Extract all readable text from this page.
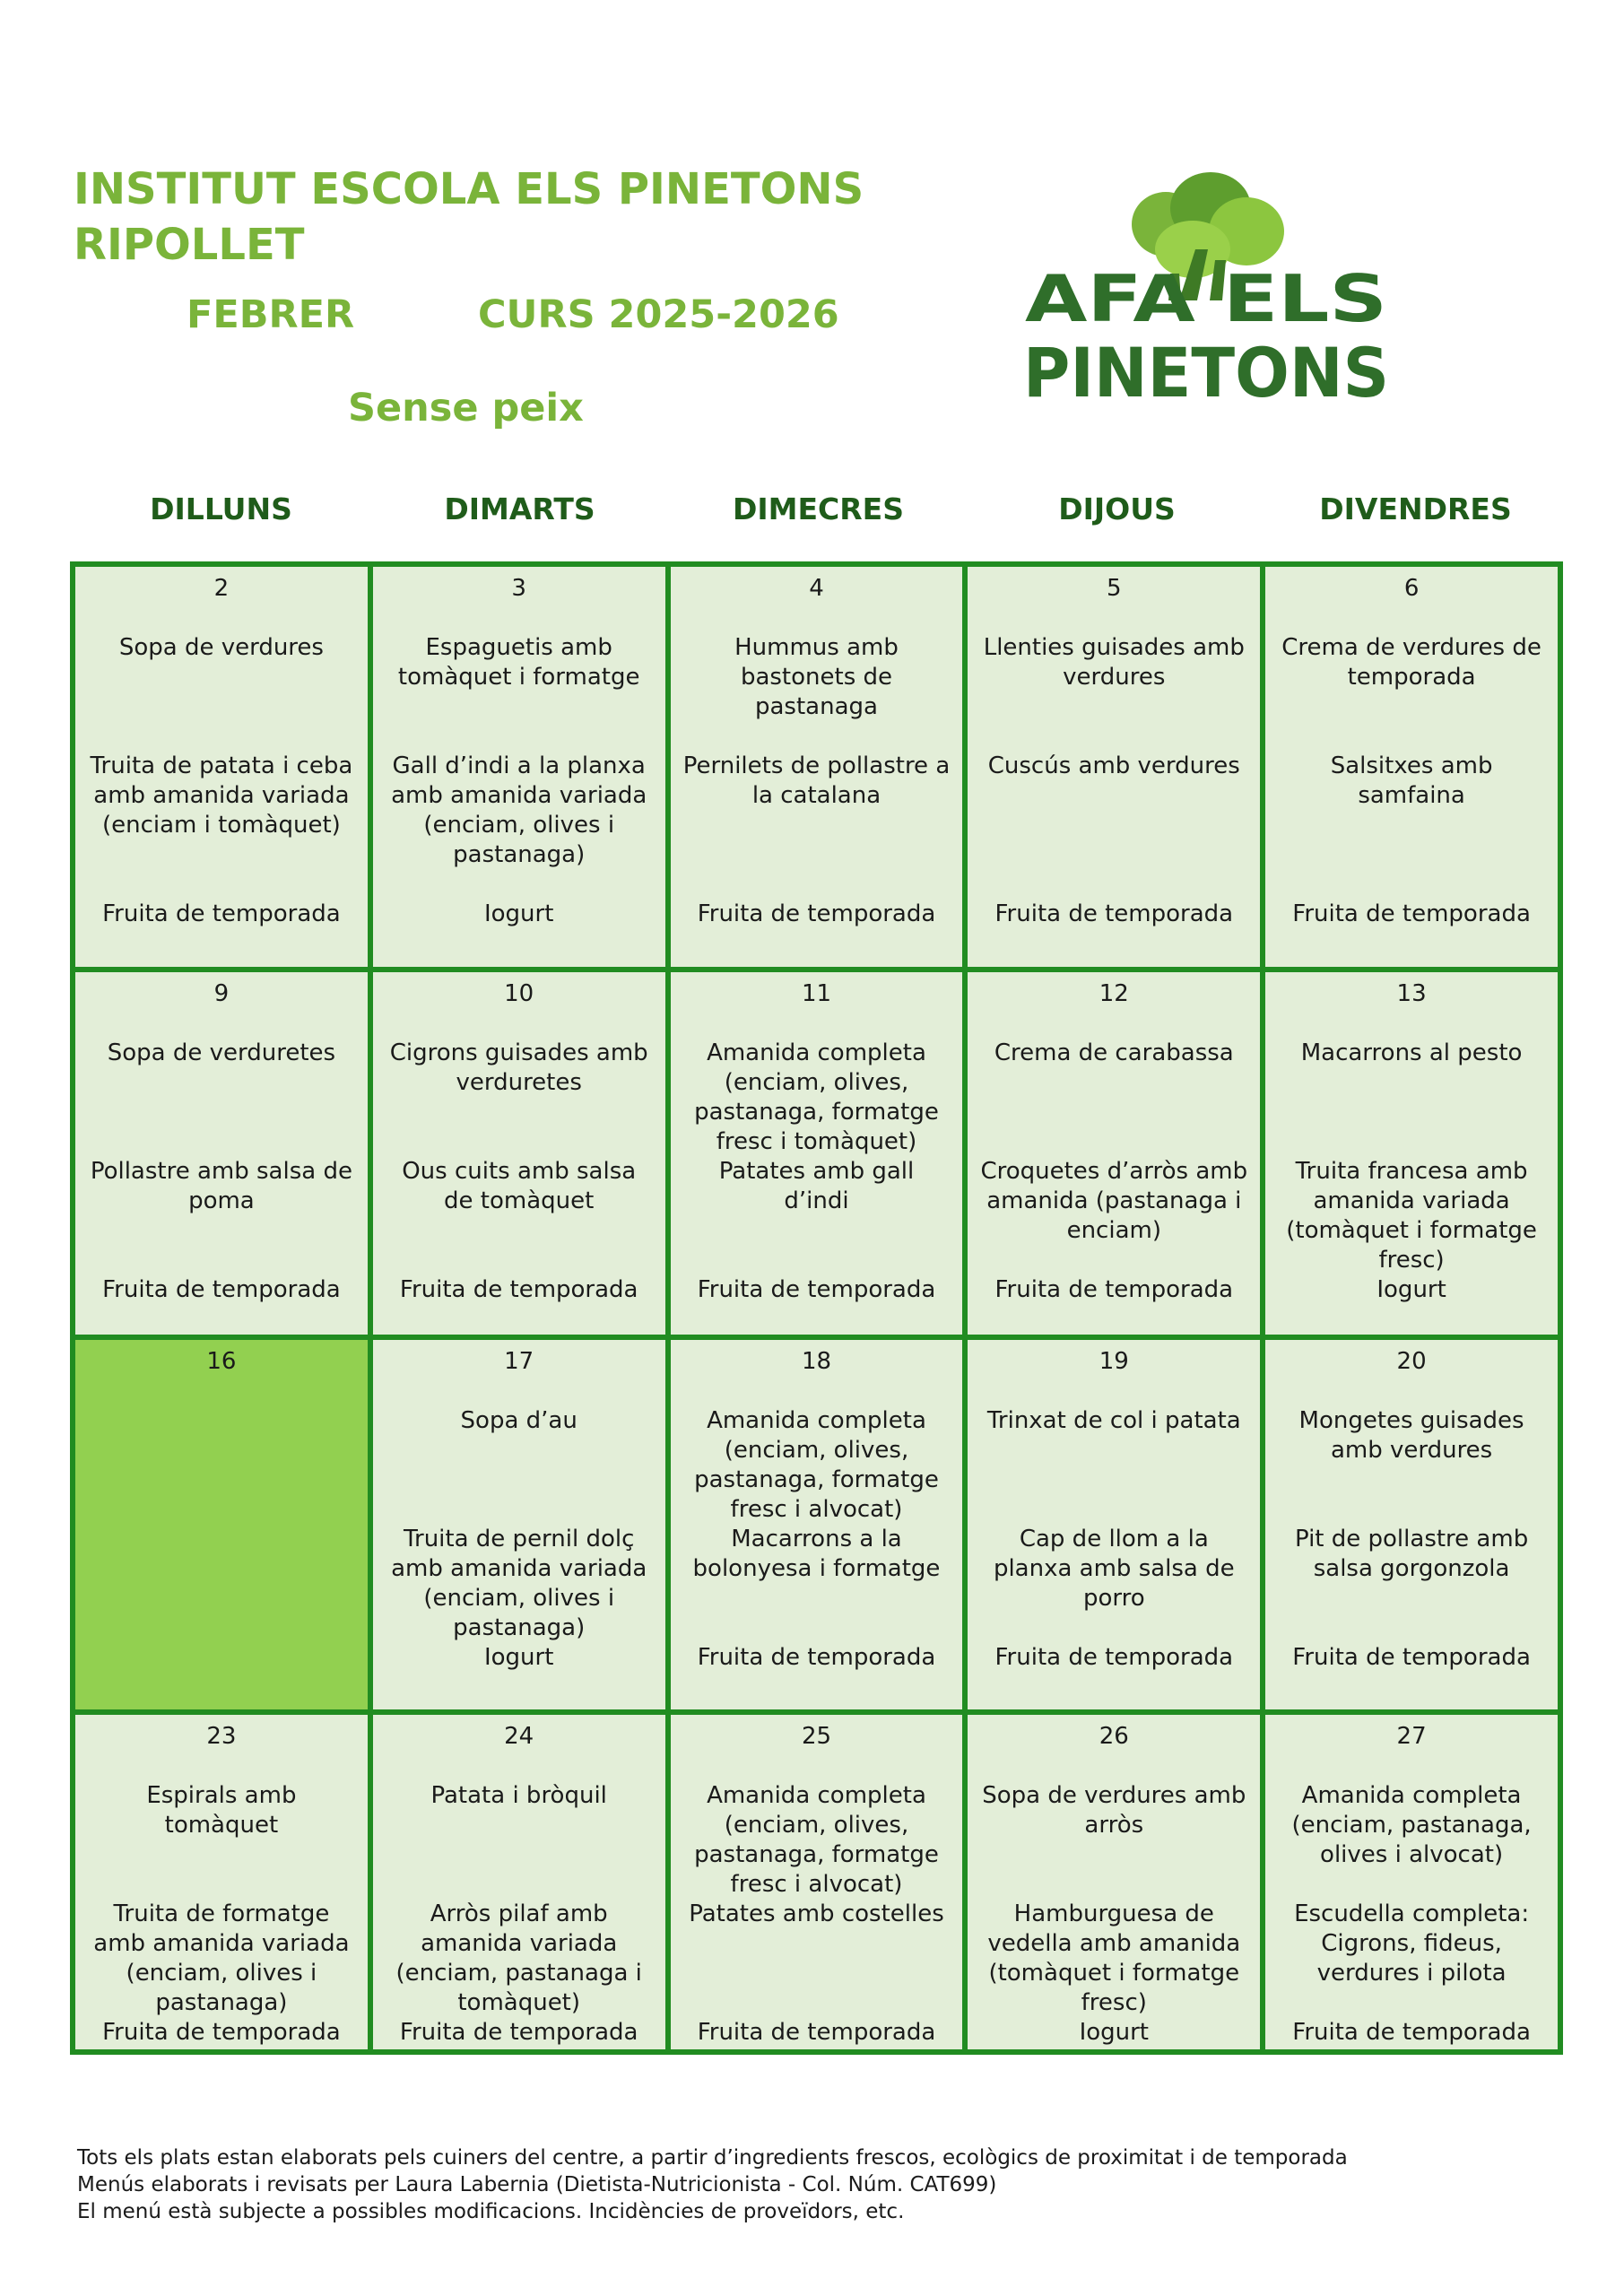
INSTITUT ESCOLA ELS PINETONS
RIPOLLET
FEBRER	CURS 2025-2026
Sense peix
AFA ELS
PINETONS
DILLUNS	DIMARTS	DIMECRES	DIJOUS	DIVENDRES
2
Sopa de verdures
Truita de patata i ceba amb amanida variada (enciam i tomàquet)
Fruita de temporada
3
Espaguetis amb tomàquet i formatge
Gall d’indi a la planxa amb amanida variada (enciam, olives i pastanaga)
Iogurt
4
Hummus amb bastonets de pastanaga
Pernilets de pollastre a la catalana
Fruita de temporada
5
Llenties guisades amb verdures
Cuscús amb verdures
Fruita de temporada
6
Crema de verdures de temporada
Salsitxes amb samfaina
Fruita de temporada
9
Sopa de verduretes
Pollastre amb salsa de poma
Fruita de temporada
10
Cigrons guisades amb verduretes
Ous cuits amb salsa de tomàquet
Fruita de temporada
11
Amanida completa (enciam, olives, pastanaga, formatge fresc i tomàquet)
Patates amb gall d’indi
Fruita de temporada
12
Crema de carabassa
Croquetes d’arròs amb amanida (pastanaga i enciam)
Fruita de temporada
13
Macarrons al pesto
Truita francesa amb amanida variada (tomàquet i formatge fresc)
Iogurt
16	17
Sopa d’au
Truita de pernil dolç amb amanida variada (enciam, olives i pastanaga)
Iogurt
18
Amanida completa (enciam, olives, pastanaga, formatge fresc i alvocat)
Macarrons a la bolonyesa i formatge
Fruita de temporada
19
Trinxat de col i patata
Cap de llom a la planxa amb salsa de porro
Fruita de temporada
20
Mongetes guisades amb verdures
Pit de pollastre amb salsa gorgonzola
Fruita de temporada
23
Espirals amb tomàquet
Truita de formatge amb amanida variada (enciam, olives i pastanaga)
Fruita de temporada
24
Patata i bròquil
Arròs pilaf amb amanida variada (enciam, pastanaga i tomàquet)
Fruita de temporada
25
Amanida completa (enciam, olives, pastanaga, formatge fresc i alvocat)
Patates amb costelles
Fruita de temporada
26
Sopa de verdures amb arròs
Hamburguesa de vedella amb amanida (tomàquet i formatge fresc)
Iogurt
27
Amanida completa (enciam, pastanaga, olives i alvocat)
Escudella completa: Cigrons, fideus, verdures i pilota
Fruita de temporada
Tots els plats estan elaborats pels cuiners del centre, a partir d’ingredients frescos, ecològics de proximitat i de temporada
Menús elaborats i revisats per Laura Labernia (Dietista-Nutricionista - Col. Núm. CAT699)
El menú està subjecte a possibles modificacions. Incidències de proveïdors, etc.
